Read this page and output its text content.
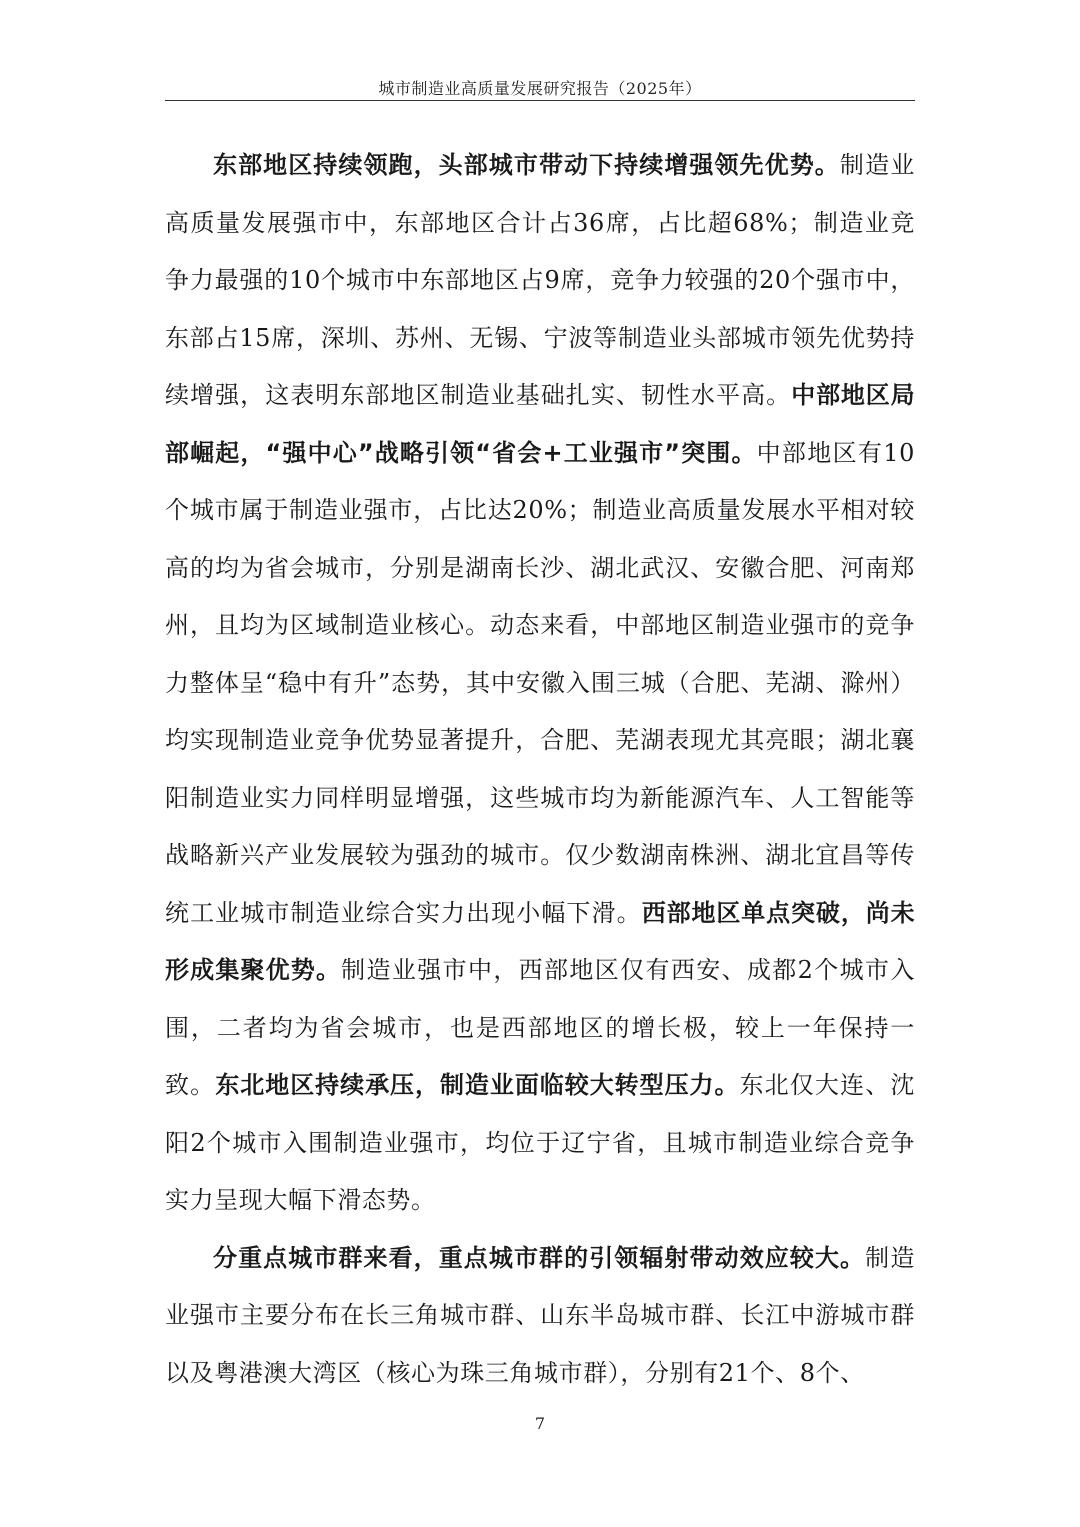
城市制造业高质量发展研究报告（2025年）

东部地区持续领跑，头部城市带动下持续增强领先优势。制造业高质量发展强市中，东部地区合计占36席，占比超68%；制造业竞争力最强的10个城市中东部地区占9席，竞争力较强的20个强市中，东部占15席，深圳、苏州、无锡、宁波等制造业头部城市领先优势持续增强，这表明东部地区制造业基础扎实、韧性水平高。中部地区局部崛起，“强中心”战略引领“省会+工业强市”突围。中部地区有10个城市属于制造业强市，占比达20%；制造业高质量发展水平相对较高的均为省会城市，分别是湖南长沙、湖北武汉、安徽合肥、河南郑州，且均为区域制造业核心。动态来看，中部地区制造业强市的竞争力整体呈“稳中有升”态势，其中安徽入围三城（合肥、芜湖、滁州）均实现制造业竞争优势显著提升，合肥、芜湖表现尤其亮眼；湖北襄阳制造业实力同样明显增强，这些城市均为新能源汽车、人工智能等战略新兴产业发展较为强劲的城市。仅少数湖南株洲、湖北宜昌等传统工业城市制造业综合实力出现小幅下滑。西部地区单点突破，尚未形成集聚优势。制造业强市中，西部地区仅有西安、成都2个城市入围，二者均为省会城市，也是西部地区的增长极，较上一年保持一致。东北地区持续承压，制造业面临较大转型压力。东北仅大连、沈阳2个城市入围制造业强市，均位于辽宁省，且城市制造业综合竞争实力呈现大幅下滑态势。

分重点城市群来看，重点城市群的引领辐射带动效应较大。制造业强市主要分布在长三角城市群、山东半岛城市群、长江中游城市群以及粤港澳大湾区（核心为珠三角城市群），分别有21个、8个、

7
